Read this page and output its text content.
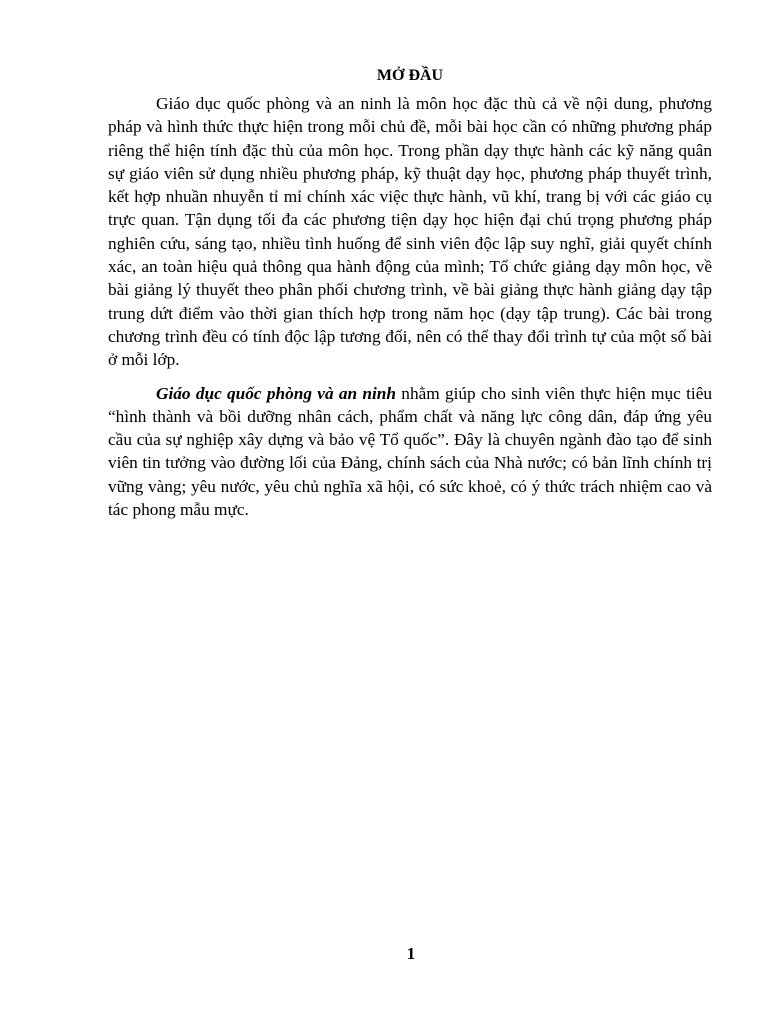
MỞ ĐẦU

Giáo dục quốc phòng và an ninh là môn học đặc thù cả về nội dung, phương pháp và hình thức thực hiện trong mỗi chủ đề, mỗi bài học cần có những phương pháp riêng thể hiện tính đặc thù của môn học. Trong phần dạy thực hành các kỹ năng quân sự giáo viên sử dụng nhiều phương pháp, kỹ thuật dạy học, phương pháp thuyết trình, kết hợp nhuần nhuyễn tỉ mỉ chính xác việc thực hành, vũ khí, trang bị với các giáo cụ trực quan. Tận dụng tối đa các phương tiện dạy học hiện đại chú trọng phương pháp nghiên cứu, sáng tạo, nhiều tình huống để sinh viên độc lập suy nghĩ, giải quyết chính xác, an toàn hiệu quả thông qua hành động của mình; Tổ chức giảng dạy môn học, về bài giảng lý thuyết theo phân phối chương trình, về bài giảng thực hành giảng dạy tập trung dứt điểm vào thời gian thích hợp trong năm học (dạy tập trung). Các bài trong chương trình đều có tính độc lập tương đối, nên có thể thay đổi trình tự của một số bài ở mỗi lớp.

Giáo dục quốc phòng và an ninh nhằm giúp cho sinh viên thực hiện mục tiêu “hình thành và bồi dưỡng nhân cách, phẩm chất và năng lực công dân, đáp ứng yêu cầu của sự nghiệp xây dựng và bảo vệ Tổ quốc”. Đây là chuyên ngành đào tạo để sinh viên tin tưởng vào đường lối của Đảng, chính sách của Nhà nước; có bản lĩnh chính trị vững vàng; yêu nước, yêu chủ nghĩa xã hội, có sức khoẻ, có ý thức trách nhiệm cao và tác phong mẫu mực.

1
